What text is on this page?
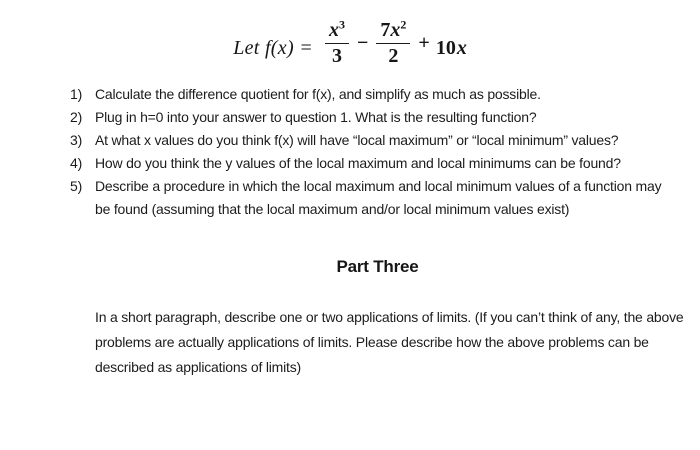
Let $f(x) = \frac{x^3}{3} - \frac{7x^2}{2} + 10x$
1) Calculate the difference quotient for f(x), and simplify as much as possible.
2) Plug in h=0 into your answer to question 1. What is the resulting function?
3) At what x values do you think f(x) will have “local maximum” or “local minimum” values?
4) How do you think the y values of the local maximum and local minimums can be found?
5) Describe a procedure in which the local maximum and local minimum values of a function may be found (assuming that the local maximum and/or local minimum values exist)
Part Three

In a short paragraph, describe one or two applications of limits. (If you can’t think of any, the above problems are actually applications of limits. Please describe how the above problems can be described as applications of limits)
